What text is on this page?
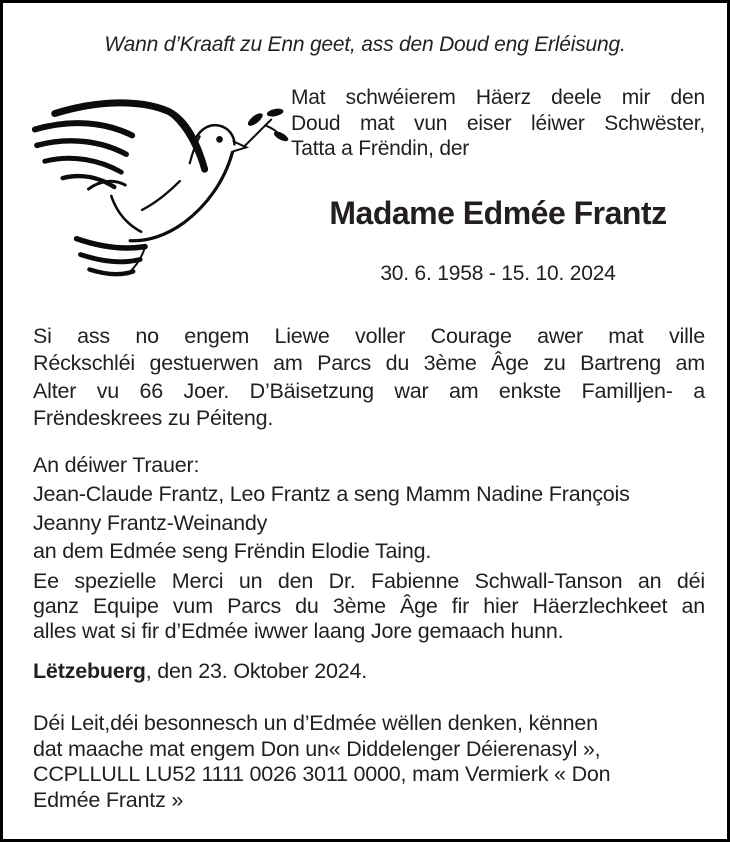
Wann d’Kraaft zu Enn geet, ass den Doud eng Erléisung.
Mat schwéierem Häerz deele mir den
Doud mat vun eiser léiwer Schwëster,
Tatta a Frëndin, der
Madame Edmée Frantz
30. 6. 1958 - 15. 10. 2024
Si ass no engem Liewe voller Courage awer mat ville
Réckschléi gestuerwen am Parcs du 3ème Âge zu Bartreng am
Alter vu 66 Joer. D’Bäisetzung war am enkste Familljen- a
Frëndeskrees zu Péiteng.
An déiwer Trauer:
Jean-Claude Frantz, Leo Frantz a seng Mamm Nadine François
Jeanny Frantz-Weinandy
an dem Edmée seng Frëndin Elodie Taing.
Ee spezielle Merci un den Dr. Fabienne Schwall-Tanson an déi
ganz Equipe vum Parcs du 3ème Âge fir hier Häerzlechkeet an
alles wat si fir d’Edmée iwwer laang Jore gemaach hunn.
Lëtzebuerg, den 23. Oktober 2024.
Déi Leit,déi besonnesch un d’Edmée wëllen denken, kënnen
dat maache mat engem Don un« Diddelenger Déierenasyl »,
CCPLLULL LU52 1111 0026 3011 0000, mam Vermierk « Don
Edmée Frantz »
